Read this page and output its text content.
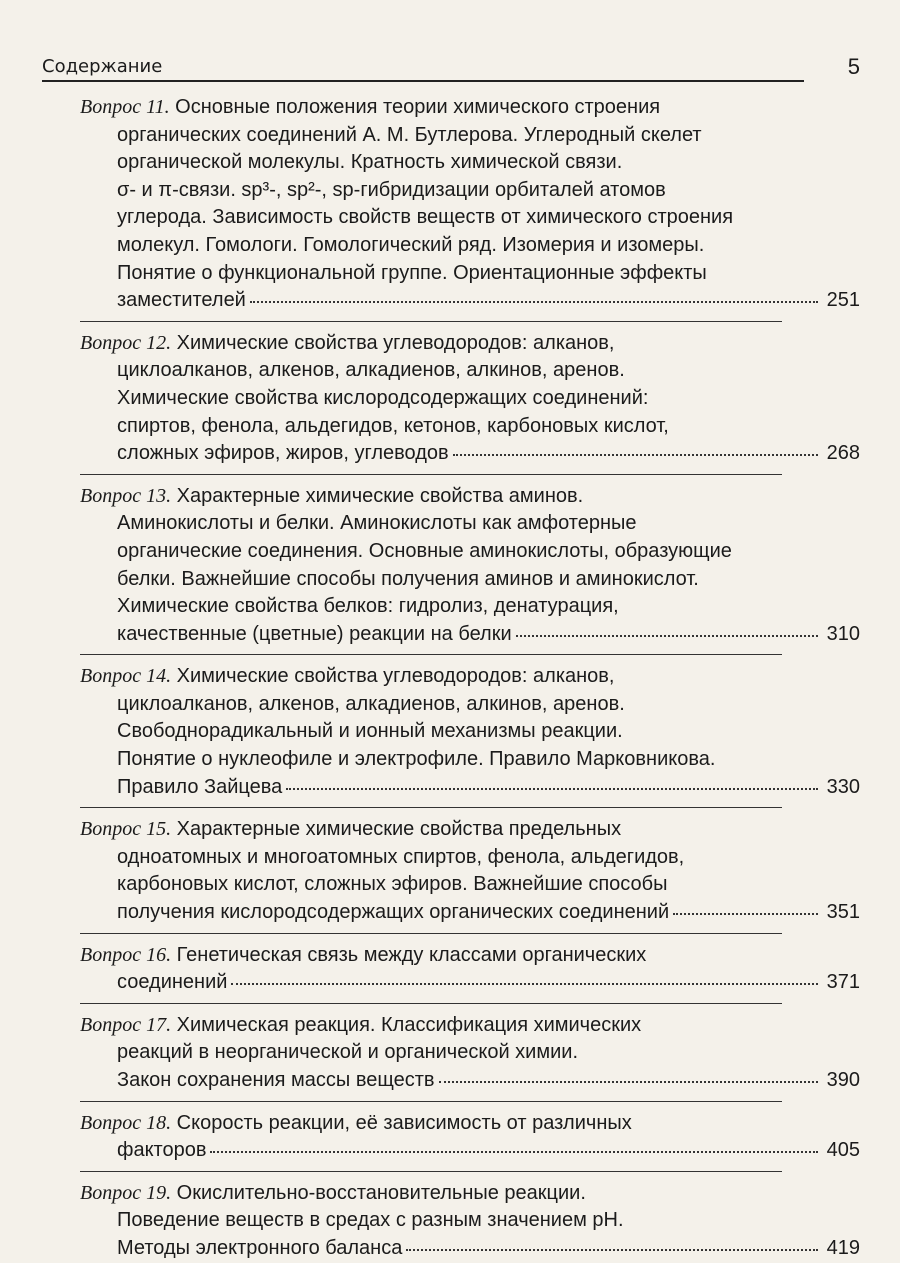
Содержание	5
Вопрос 11. Основные положения теории химического строения
органических соединений А. М. Бутлерова. Углеродный скелет
органической молекулы. Кратность химической связи.
σ- и π-связи. sp³-, sp²-, sp-гибридизации орбиталей атомов
углерода. Зависимость свойств веществ от химического строения
молекул. Гомологи. Гомологический ряд. Изомерия и изомеры.
Понятие о функциональной группе. Ориентационные эффекты
заместителей	251
Вопрос 12. Химические свойства углеводородов: алканов,
циклоалканов, алкенов, алкадиенов, алкинов, аренов.
Химические свойства кислородсодержащих соединений:
спиртов, фенола, альдегидов, кетонов, карбоновых кислот,
сложных эфиров, жиров, углеводов	268
Вопрос 13. Характерные химические свойства аминов.
Аминокислоты и белки. Аминокислоты как амфотерные
органические соединения. Основные аминокислоты, образующие
белки. Важнейшие способы получения аминов и аминокислот.
Химические свойства белков: гидролиз, денатурация,
качественные (цветные) реакции на белки	310
Вопрос 14. Химические свойства углеводородов: алканов,
циклоалканов, алкенов, алкадиенов, алкинов, аренов.
Свободнорадикальный и ионный механизмы реакции.
Понятие о нуклеофиле и электрофиле. Правило Марковникова.
Правило Зайцева	330
Вопрос 15. Характерные химические свойства предельных
одноатомных и многоатомных спиртов, фенола, альдегидов,
карбоновых кислот, сложных эфиров. Важнейшие способы
получения кислородсодержащих органических соединений	351
Вопрос 16. Генетическая связь между классами органических
соединений	371
Вопрос 17. Химическая реакция. Классификация химических
реакций в неорганической и органической химии.
Закон сохранения массы веществ	390
Вопрос 18. Скорость реакции, её зависимость от различных
факторов	405
Вопрос 19. Окислительно-восстановительные реакции.
Поведение веществ в средах с разным значением pH.
Методы электронного баланса	419
